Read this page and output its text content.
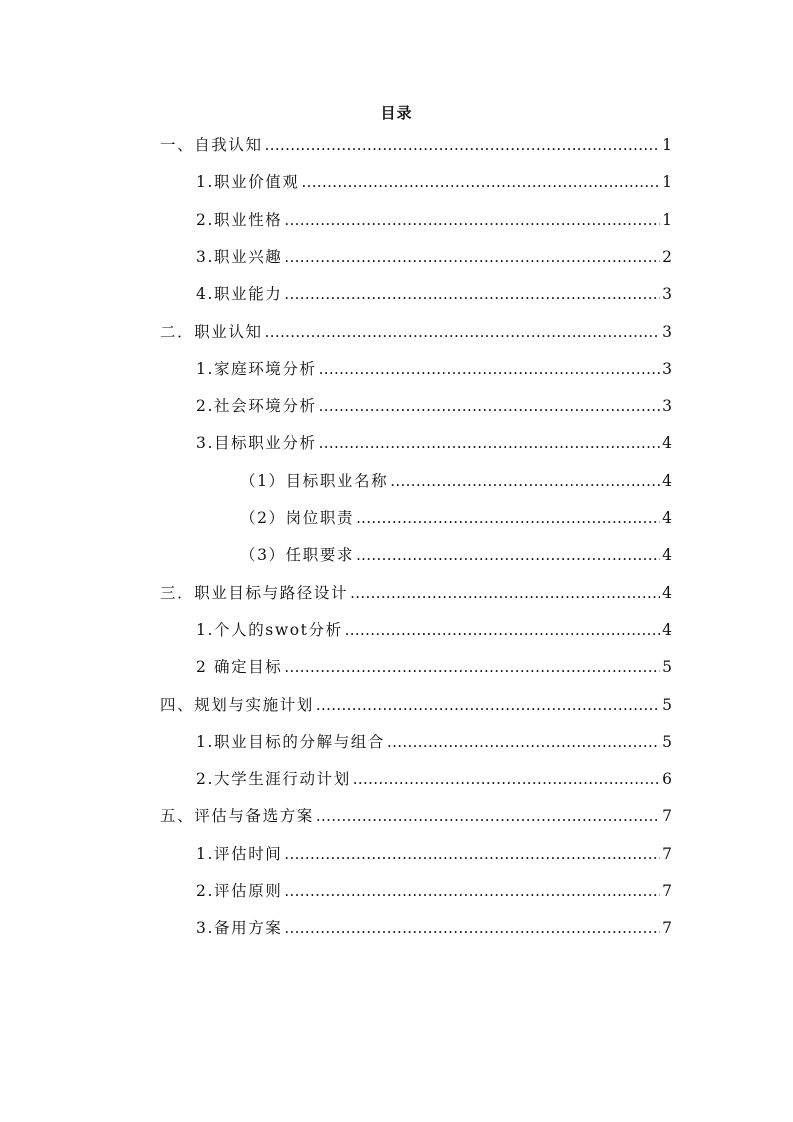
目录
一、自我认知 .....	1
1.职业价值观 .....	1
2.职业性格 .....	1
3.职业兴趣 .....	2
4.职业能力 .....	3
二．职业认知 .....	3
1.家庭环境分析 .....	3
2.社会环境分析 .....	3
3.目标职业分析 .....	4
（1）目标职业名称 .....	4
（2）岗位职责 .....	4
（3）任职要求 .....	4
三．职业目标与路径设计 .....	4
1.个人的swot分析 .....	4
2 确定目标 .....	5
四、规划与实施计划 .....	5
1.职业目标的分解与组合 .....	5
2.大学生涯行动计划 .....	6
五、评估与备选方案 .....	7
1.评估时间 .....	7
2.评估原则 .....	7
3.备用方案 .....	7
